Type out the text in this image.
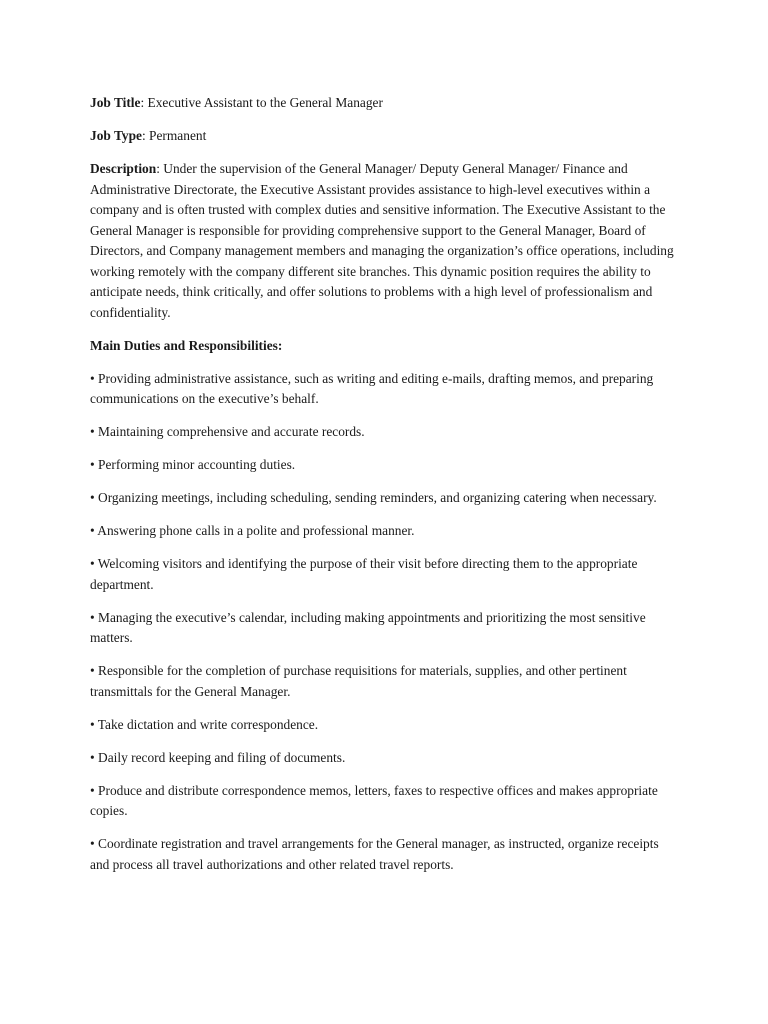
Job Title: Executive Assistant to the General Manager

Job Type: Permanent

Description: Under the supervision of the General Manager/ Deputy General Manager/ Finance and Administrative Directorate, the Executive Assistant provides assistance to high-level executives within a company and is often trusted with complex duties and sensitive information. The Executive Assistant to the General Manager is responsible for providing comprehensive support to the General Manager, Board of Directors, and Company management members and managing the organization’s office operations, including working remotely with the company different site branches. This dynamic position requires the ability to anticipate needs, think critically, and offer solutions to problems with a high level of professionalism and confidentiality.

Main Duties and Responsibilities:

• Providing administrative assistance, such as writing and editing e-mails, drafting memos, and preparing communications on the executive’s behalf.
• Maintaining comprehensive and accurate records.
• Performing minor accounting duties.
• Organizing meetings, including scheduling, sending reminders, and organizing catering when necessary.
• Answering phone calls in a polite and professional manner.
• Welcoming visitors and identifying the purpose of their visit before directing them to the appropriate department.
• Managing the executive’s calendar, including making appointments and prioritizing the most sensitive matters.
• Responsible for the completion of purchase requisitions for materials, supplies, and other pertinent transmittals for the General Manager.
• Take dictation and write correspondence.
• Daily record keeping and filing of documents.
• Produce and distribute correspondence memos, letters, faxes to respective offices and makes appropriate copies.
• Coordinate registration and travel arrangements for the General manager, as instructed, organize receipts and process all travel authorizations and other related travel reports.
